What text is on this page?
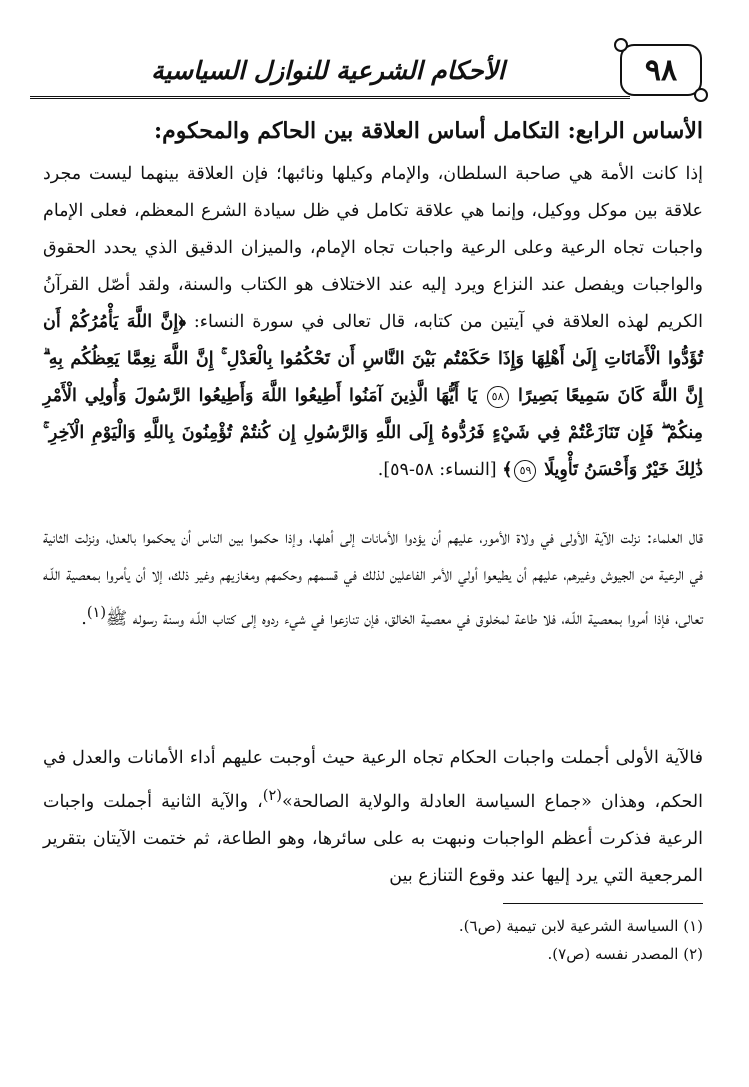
٩٨
الأحكام الشرعية للنوازل السياسية
الأساس الرابع: التكامل أساس العلاقة بين الحاكم والمحكوم:

إذا كانت الأمة هي صاحبة السلطان، والإمام وكيلها ونائبها؛ فإن العلاقة بينهما ليست مجرد علاقة بين موكل ووكيل، وإنما هي علاقة تكامل في ظل سيادة الشرع المعظم، فعلى الإمام واجبات تجاه الرعية وعلى الرعية واجبات تجاه الإمام، والميزان الدقيق الذي يحدد الحقوق والواجبات ويفصل عند النزاع ويرد إليه عند الاختلاف هو الكتاب والسنة، ولقد أصّل القرآنُ الكريم لهذه العلاقة في آيتين من كتابه، قال تعالى في سورة النساء: ﴿إِنَّ اللَّهَ يَأْمُرُكُمْ أَن تُؤَدُّوا الْأَمَانَاتِ إِلَىٰ أَهْلِهَا وَإِذَا حَكَمْتُم بَيْنَ النَّاسِ أَن تَحْكُمُوا بِالْعَدْلِ ۚ إِنَّ اللَّهَ نِعِمَّا يَعِظُكُم بِهِ ۗ إِنَّ اللَّهَ كَانَ سَمِيعًا بَصِيرًا ٥٨ يَا أَيُّهَا الَّذِينَ آمَنُوا أَطِيعُوا اللَّهَ وَأَطِيعُوا الرَّسُولَ وَأُولِي الْأَمْرِ مِنكُمْ ۖ فَإِن تَنَازَعْتُمْ فِي شَيْءٍ فَرُدُّوهُ إِلَى اللَّهِ وَالرَّسُولِ إِن كُنتُمْ تُؤْمِنُونَ بِاللَّهِ وَالْيَوْمِ الْآخِرِ ۚ ذَٰلِكَ خَيْرٌ وَأَحْسَنُ تَأْوِيلًا ٥٩﴾ [النساء: ٥٨-٥٩].

قال العلماء: نزلت الآية الأولى في ولاة الأمور، عليهم أن يؤدوا الأمانات إلى أهلها، وإذا حكموا بين الناس أن يحكموا بالعدل، ونزلت الثانية في الرعية من الجيوش وغيرهم، عليهم أن يطيعوا أولي الأمر الفاعلين لذلك في قسمهم وحكمهم ومغازيهم وغير ذلك، إلا أن يأمروا بمعصية اللّـه تعالى، فإذا أمروا بمعصية اللّـه، فلا طاعة لمخلوق في معصية الخالق، فإن تنازعوا في شيء ردوه إلى كتاب اللّـه وسنة رسوله ﷺ$^{(١)}$.

فالآية الأولى أجملت واجبات الحكام تجاه الرعية حيث أوجبت عليهم أداء الأمانات والعدل في الحكم، وهذان «جماع السياسة العادلة والولاية الصالحة»$^{(٢)}$، والآية الثانية أجملت واجبات الرعية فذكرت أعظم الواجبات ونبهت به على سائرها، وهو الطاعة، ثم ختمت الآيتان بتقرير المرجعية التي يرد إليها عند وقوع التنازع بين

(١) السياسة الشرعية لابن تيمية (ص٦).
(٢) المصدر نفسه (ص٧).
